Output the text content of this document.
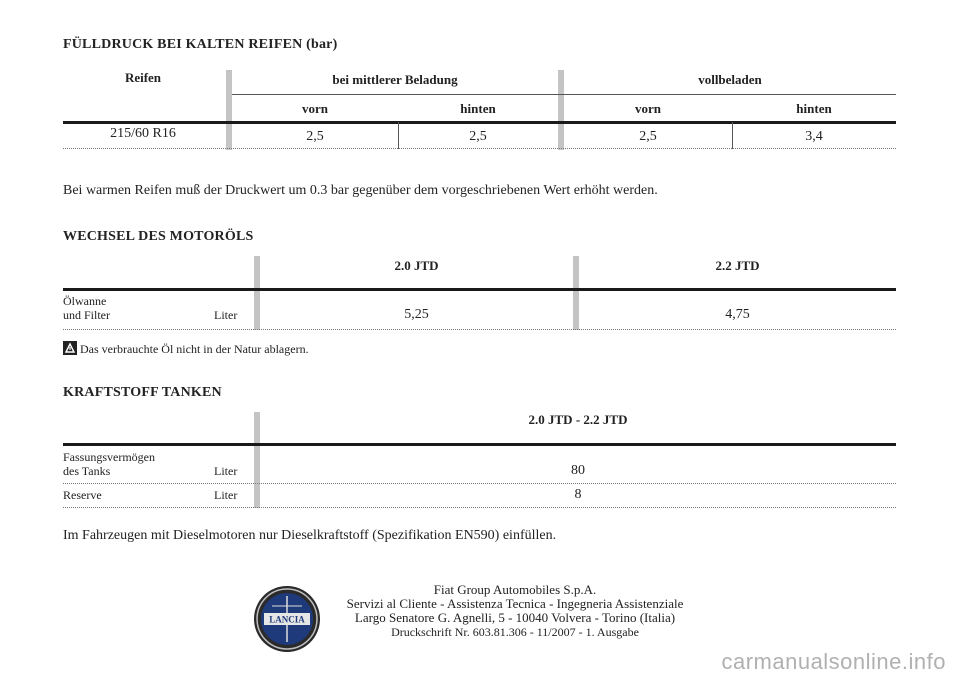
FÜLLDRUCK BEI KALTEN REIFEN (bar)
Reifen	bei mittlerer Beladung	vollbeladen
vorn	hinten	vorn	hinten
215/60 R16	2,5	2,5	2,5	3,4
Bei warmen Reifen muß der Druckwert um 0.3 bar gegenüber dem vorgeschriebenen Wert erhöht werden.
WECHSEL DES MOTORÖLS
2.0 JTD	2.2 JTD
Ölwanne
und Filter	Liter	5,25	4,75
Das verbrauchte Öl nicht in der Natur ablagern.
KRAFTSTOFF TANKEN
2.0 JTD - 2.2 JTD
Fassungsvermögen
des Tanks	Liter	80
Reserve	Liter	8
Im Fahrzeugen mit Dieselmotoren nur Dieselkraftstoff (Spezifikation EN590) einfüllen.
LANCIA
Fiat Group Automobiles S.p.A.
Servizi al Cliente - Assistenza Tecnica - Ingegneria Assistenziale
Largo Senatore G. Agnelli, 5 - 10040 Volvera - Torino (Italia)
Druckschrift Nr. 603.81.306 - 11/2007 - 1. Ausgabe
carmanualsonline.info
